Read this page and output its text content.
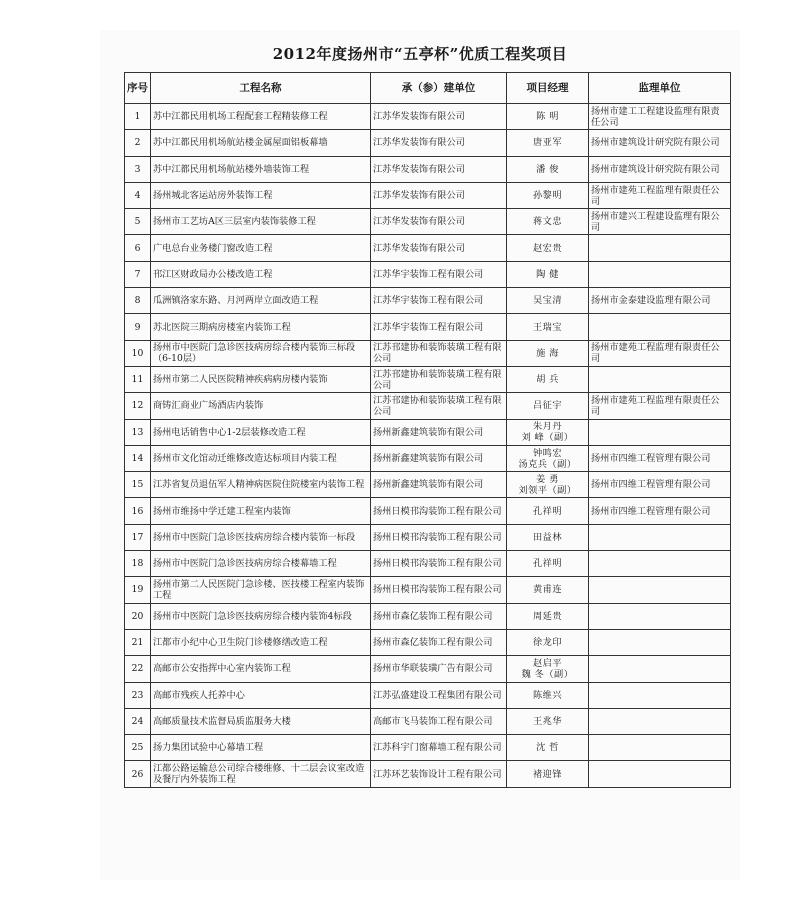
2012年度扬州市“五亭杯”优质工程奖项目
序号	工程名称	承（参）建单位	项目经理	监理单位
1	苏中江都民用机场工程配套工程精装修工程	江苏华发装饰有限公司	陈 明	扬州市建工工程建设监理有限责任公司
2	苏中江都民用机场航站楼金属屋面铝板幕墙	江苏华发装饰有限公司	唐亚军	扬州市建筑设计研究院有限公司
3	苏中江都民用机场航站楼外墙装饰工程	江苏华发装饰有限公司	潘 俊	扬州市建筑设计研究院有限公司
4	扬州城北客运站房外装饰工程	江苏华发装饰有限公司	孙黎明	扬州市建苑工程监理有限责任公司
5	扬州市工艺坊A区三层室内装饰装修工程	江苏华发装饰有限公司	蒋文忠	扬州市建兴工程建设监理有限公司
6	广电总台业务楼门窗改造工程	江苏华发装饰有限公司	赵宏贵	
7	邗江区财政局办公楼改造工程	江苏华宇装饰工程有限公司	陶 健	
8	瓜洲镇洛家东路、月河两岸立面改造工程	江苏华宇装饰工程有限公司	吴宝清	扬州市金泰建设监理有限公司
9	苏北医院三期病房楼室内装饰工程	江苏华宇装饰工程有限公司	王瑞宝	
10	扬州市中医院门急诊医技病房综合楼内装饰三标段（6-10层）	江苏邗建协和装饰装璜工程有限公司	施 海	扬州市建苑工程监理有限责任公司
11	扬州市第二人民医院精神疾病病房楼内装饰	江苏邗建协和装饰装璜工程有限公司	胡 兵	
12	商铸汇商业广场酒店内装饰	江苏邗建协和装饰装璜工程有限公司	吕征宇	扬州市建苑工程监理有限责任公司
13	扬州电话销售中心1-2层装修改造工程	扬州新鑫建筑装饰有限公司	朱月丹
刘 峰（副）	
14	扬州市文化馆动迁维修改造达标项目内装工程	扬州新鑫建筑装饰有限公司	钟鸣宏
汤克兵（副）	扬州市四维工程管理有限公司
15	江苏省复员退伍军人精神病医院住院楼室内装饰工程	扬州新鑫建筑装饰有限公司	姜 勇
刘领平（副）	扬州市四维工程管理有限公司
16	扬州市维扬中学迁建工程室内装饰	扬州日模邗沟装饰工程有限公司	孔祥明	扬州市四维工程管理有限公司
17	扬州市中医院门急诊医技病房综合楼内装饰一标段	扬州日模邗沟装饰工程有限公司	田益林	
18	扬州市中医院门急诊医技病房综合楼幕墙工程	扬州日模邗沟装饰工程有限公司	孔祥明	
19	扬州市第二人民医院门急诊楼、医技楼工程室内装饰工程	扬州日模邗沟装饰工程有限公司	黄甫连	
20	扬州市中医院门急诊医技病房综合楼内装饰4标段	扬州市森亿装饰工程有限公司	周延贵	
21	江都市小纪中心卫生院门诊楼修缮改造工程	扬州市森亿装饰工程有限公司	徐龙印	
22	高邮市公安指挥中心室内装饰工程	扬州市华联装璜广告有限公司	赵启平
魏 冬（副）	
23	高邮市残疾人托养中心	江苏弘盛建设工程集团有限公司	陈维兴	
24	高邮质量技术监督局质监服务大楼	高邮市飞马装饰工程有限公司	王兆华	
25	扬力集团试验中心幕墙工程	江苏科宇门窗幕墙工程有限公司	沈 哲	
26	江都公路运输总公司综合楼维修、十二层会议室改造及餐厅内外装饰工程	江苏环艺装饰设计工程有限公司	褚迎锋	
